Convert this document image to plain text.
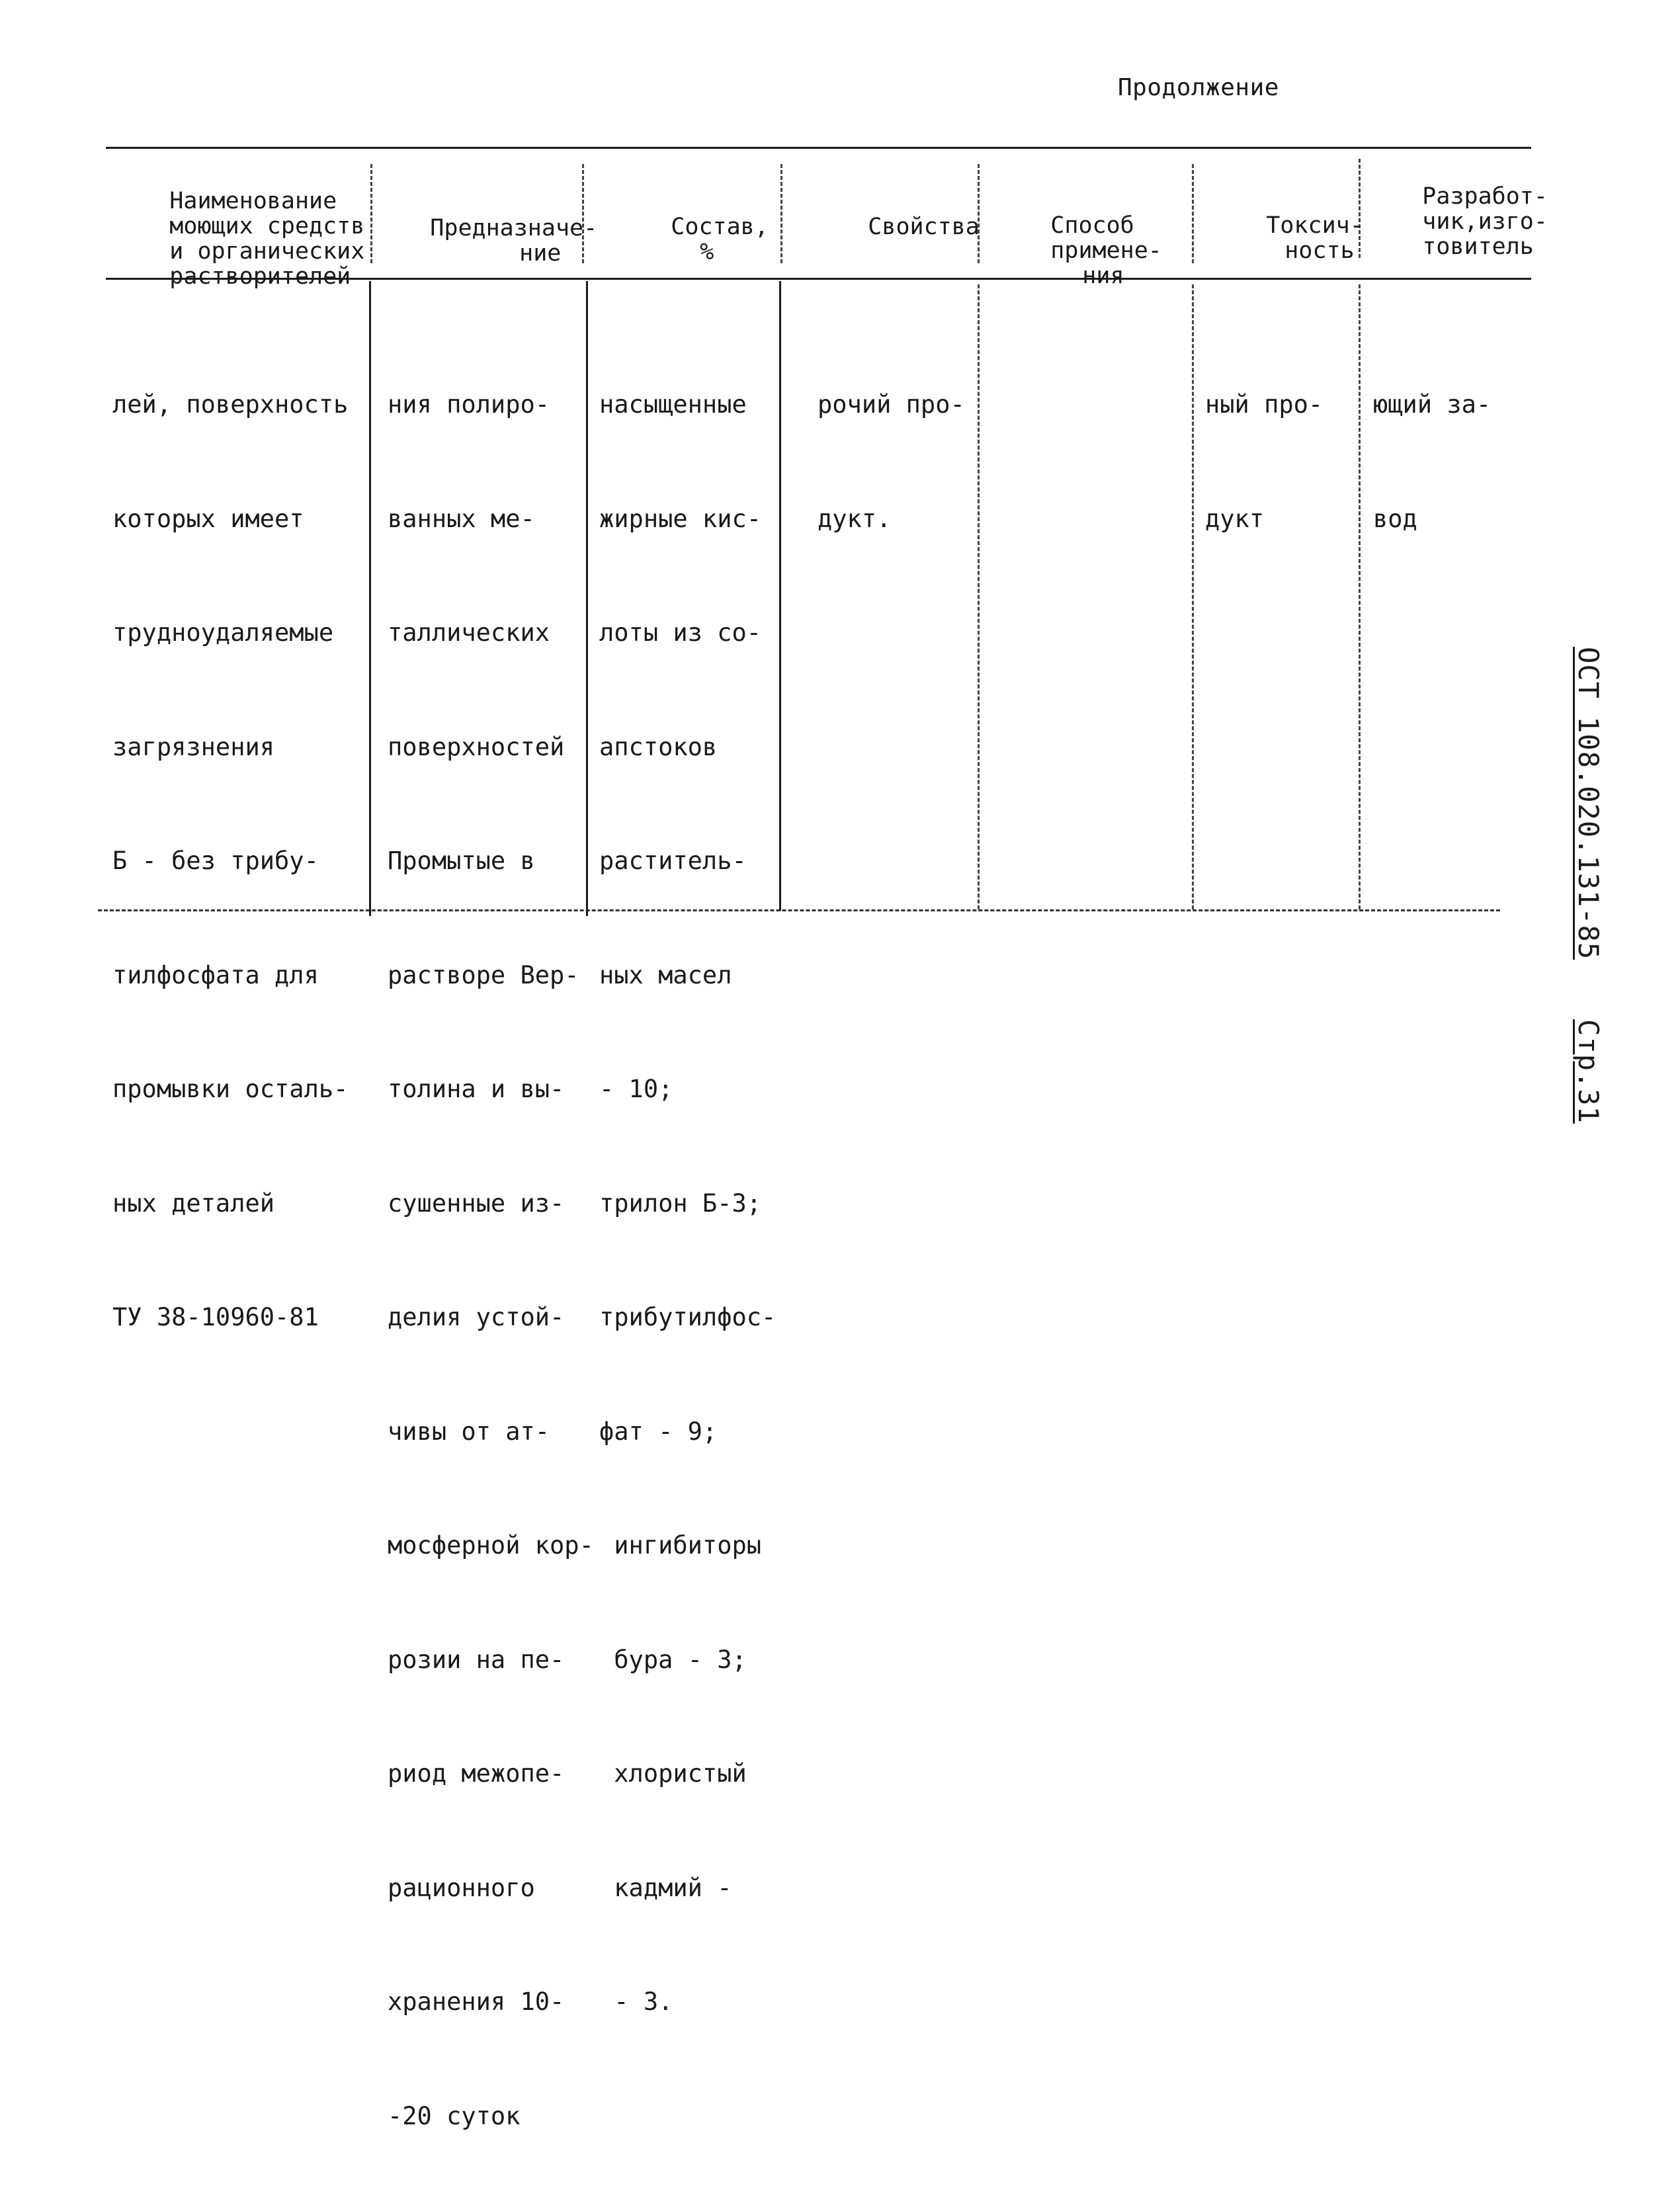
Продолжение

Наименование
моющих средств
и органических
растворителей

Предназначе-
ние

Состав,
%

Свойства
	Способ
примене-
ния

Токсич-
ность

Разработ-
чик,изго-
товитель

лей, поверхность

которых имеет

трудноудаляемые

загрязнения

Б - без трибу-

тилфосфата для

промывки осталь-

ных деталей

ТУ 38-10960-81

ния полиро-

ванных ме-

таллических

поверхностей

Промытые в

растворе Вер-

толина и вы-

сушенные из-

делия устой-

чивы от ат-

мосферной кор-

розии на пе-

риод межопе-

рационного

хранения 10-

-20 суток

насыщенные

жирные кис-

лоты из со-

апстоков

раститель-

ных масел

- 10;

трилон Б-3;

трибутилфос-

фат - 9;

ингибиторы

бура - 3;

хлористый

кадмий -

- 3.

рочий про-

дукт.

ный про-

дукт

ющий за-

вод

ОСТ 108.020.131-85Стр.31
